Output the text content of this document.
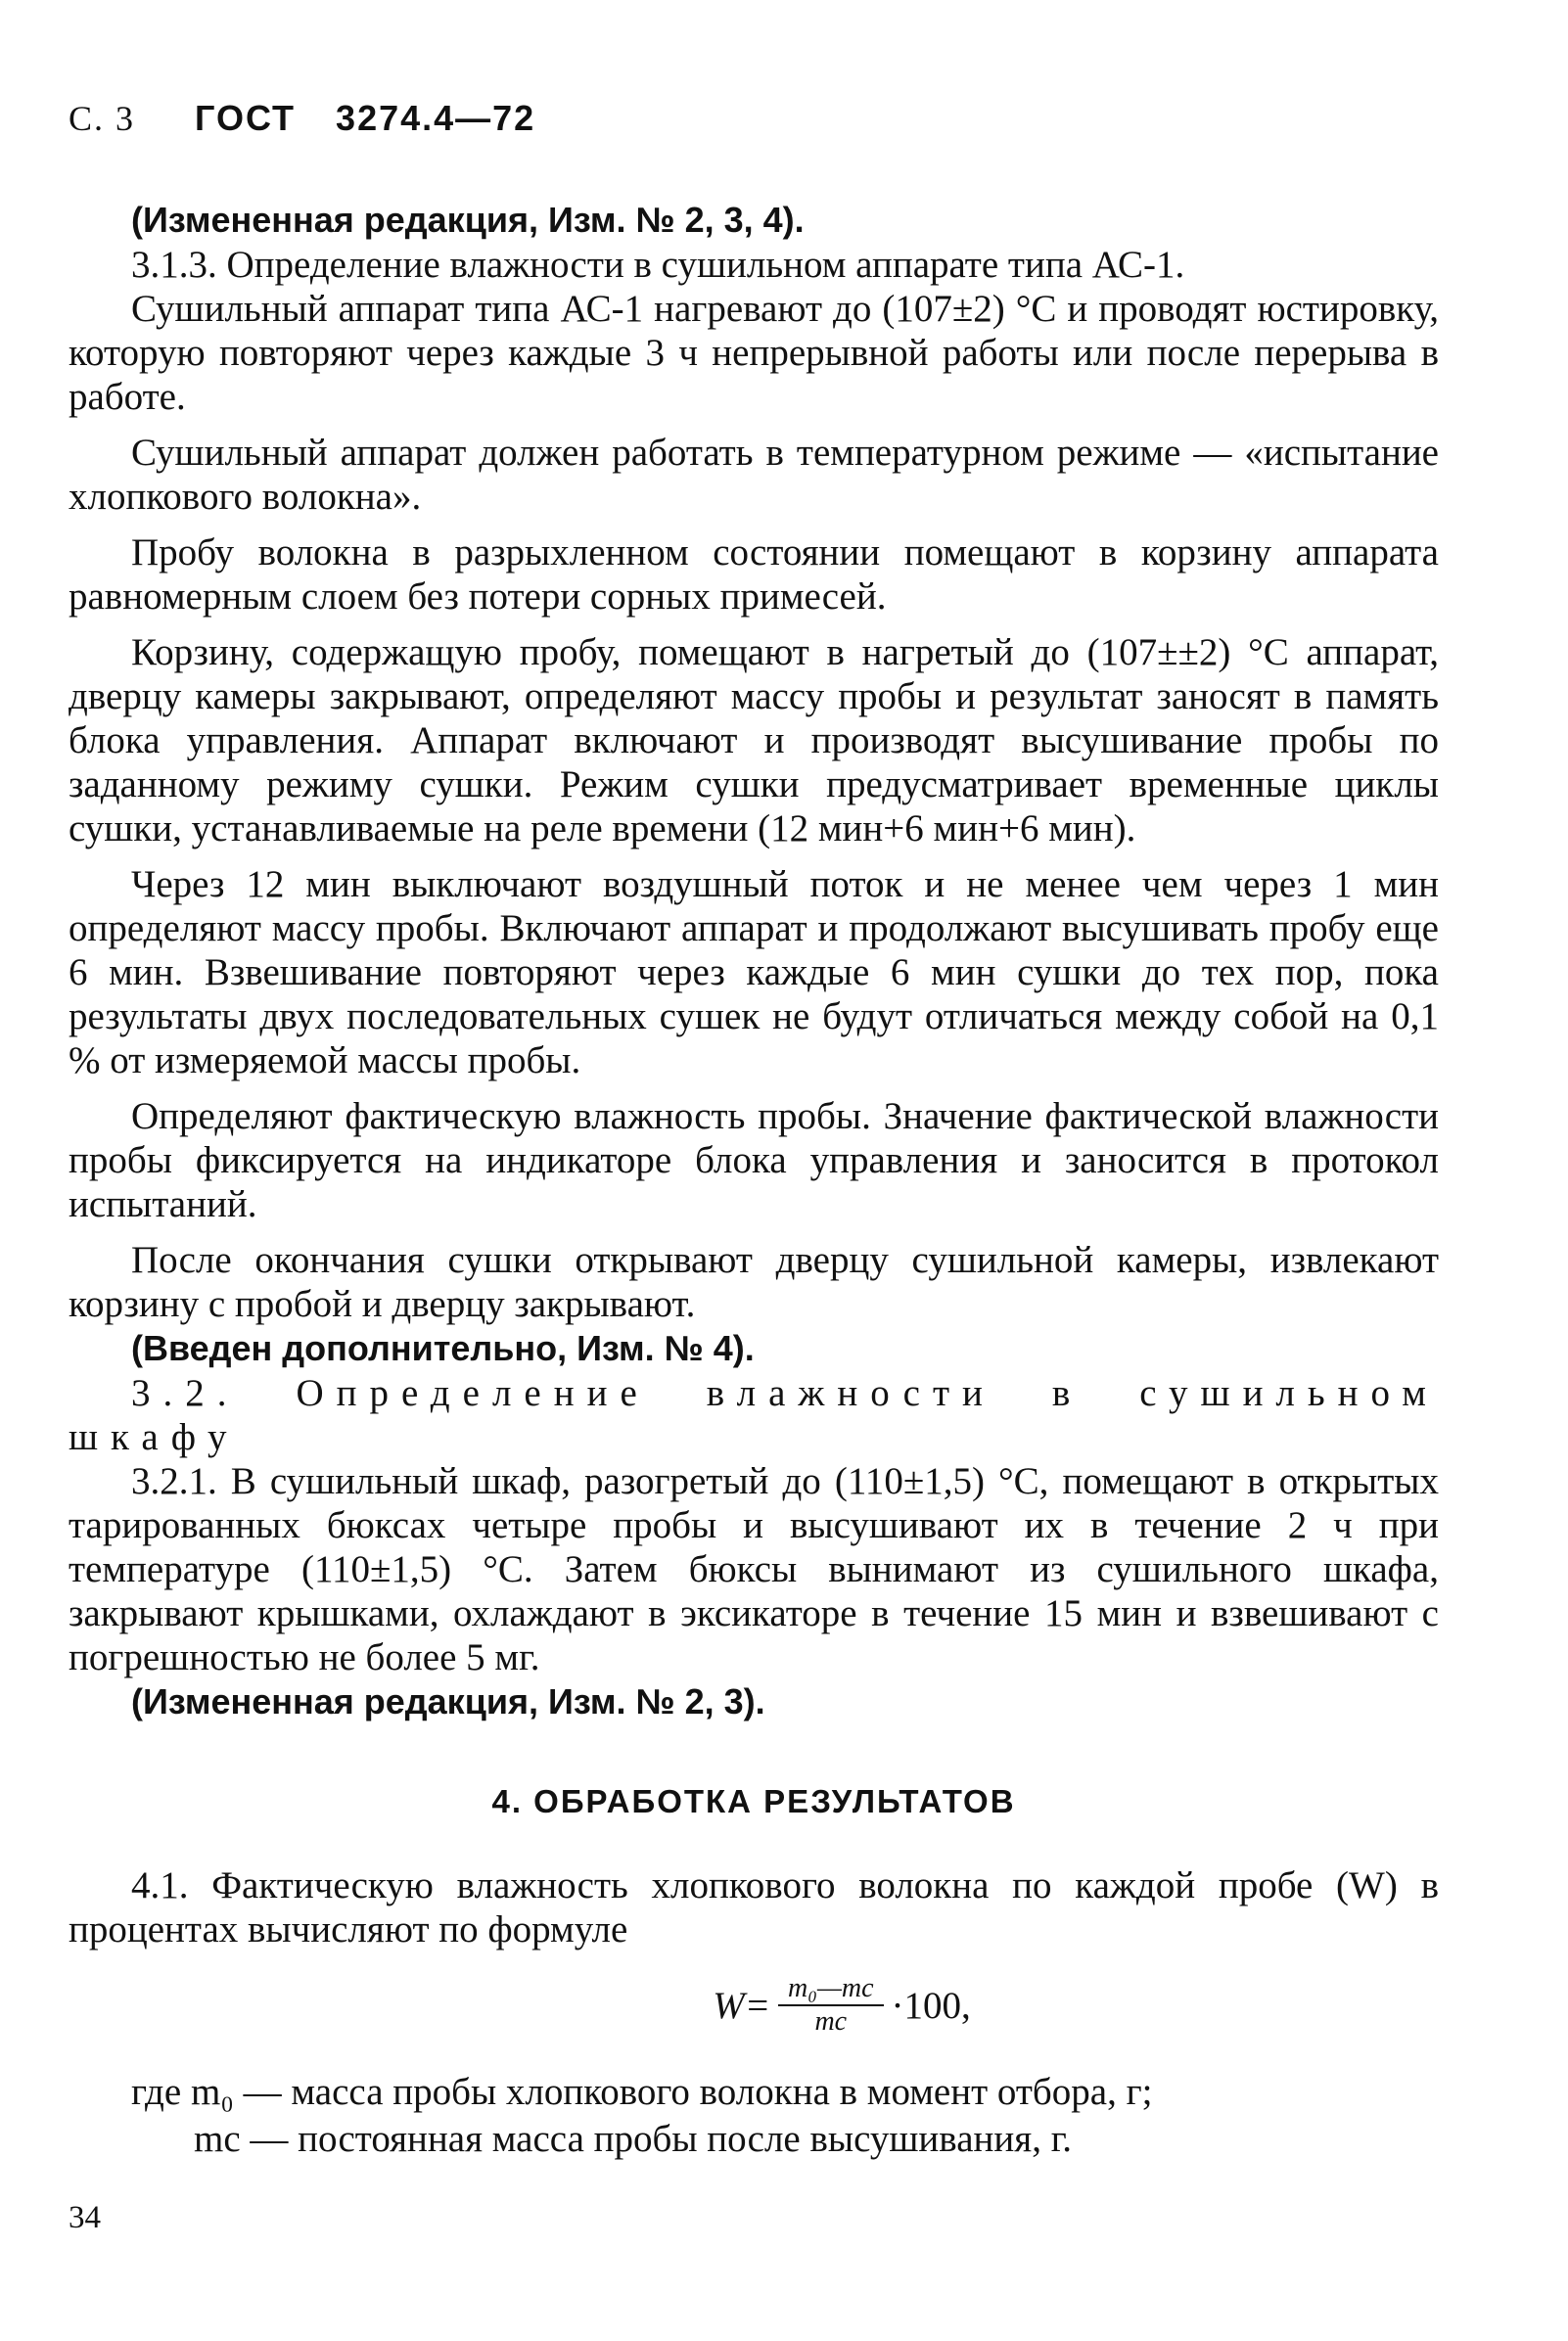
С. 3 ГОСТ 3274.4—72

(Измененная редакция, Изм. № 2, 3, 4).

3.1.3. Определение влажности в сушильном аппарате типа АС-1.

Сушильный аппарат типа АС-1 нагревают до (107±2) °С и проводят юстировку, которую повторяют через каждые 3 ч непрерывной работы или после перерыва в работе.

Сушильный аппарат должен работать в температурном режиме — «испытание хлопкового волокна».

Пробу волокна в разрыхленном состоянии помещают в корзину аппарата равномерным слоем без потери сорных примесей.

Корзину, содержащую пробу, помещают в нагретый до (107±±2) °С аппарат, дверцу камеры закрывают, определяют массу пробы и результат заносят в память блока управления. Аппарат включают и производят высушивание пробы по заданному режиму сушки. Режим сушки предусматривает временные циклы сушки, устанавливаемые на реле времени (12 мин+6 мин+6 мин).

Через 12 мин выключают воздушный поток и не менее чем через 1 мин определяют массу пробы. Включают аппарат и продолжают высушивать пробу еще 6 мин. Взвешивание повторяют через каждые 6 мин сушки до тех пор, пока результаты двух последовательных сушек не будут отличаться между собой на 0,1 % от измеряемой массы пробы.

Определяют фактическую влажность пробы. Значение фактической влажности пробы фиксируется на индикаторе блока управления и заносится в протокол испытаний.

После окончания сушки открывают дверцу сушильной камеры, извлекают корзину с пробой и дверцу закрывают.

(Введен дополнительно, Изм. № 4).

3.2. Определение влажности в сушильном шкафу

3.2.1. В сушильный шкаф, разогретый до (110±1,5) °С, помещают в открытых тарированных бюксах четыре пробы и высушивают их в течение 2 ч при температуре (110±1,5) °С. Затем бюксы вынимают из сушильного шкафа, закрывают крышками, охлаждают в эксикаторе в течение 15 мин и взвешивают с погрешностью не более 5 мг.

(Измененная редакция, Изм. № 2, 3).

4. ОБРАБОТКА РЕЗУЛЬТАТОВ

4.1. Фактическую влажность хлопкового волокна по каждой пробе (W) в процентах вычисляют по формуле

$W= \frac{\text{m₀—mc}}{mc} \cdot 100$,

где m₀ — масса пробы хлопкового волокна в момент отбора, г;

mc — постоянная масса пробы после высушивания, г.

34
